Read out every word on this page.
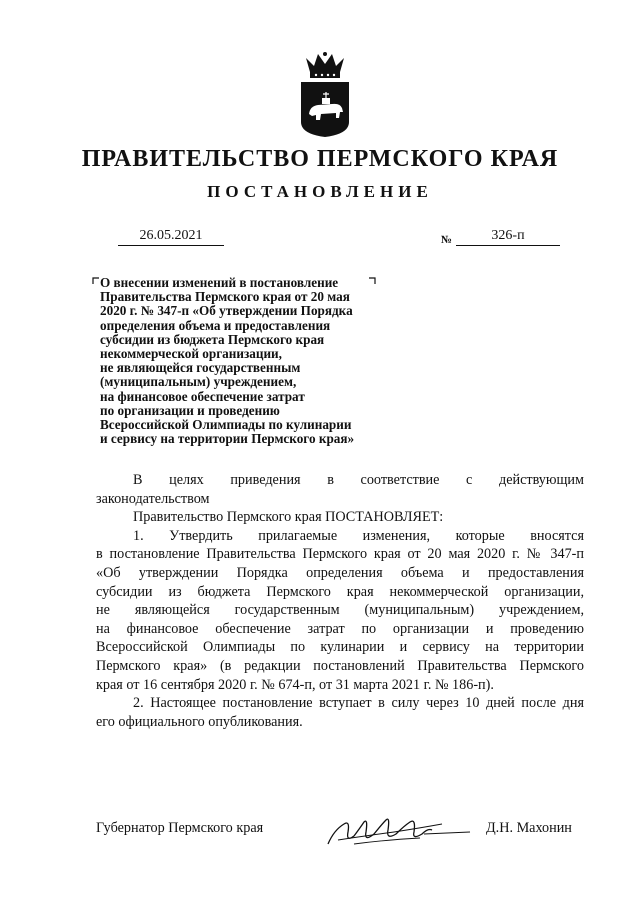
ПРАВИТЕЛЬСТВО ПЕРМСКОГО КРАЯ
ПОСТАНОВЛЕНИЕ
26.05.2021	№	326-п
О внесении изменений в постановление
Правительства Пермского края от 20 мая
2020 г. № 347-п «Об утверждении Порядка
определения объема и предоставления
субсидии из бюджета Пермского края
некоммерческой организации,
не являющейся государственным
(муниципальным) учреждением,
на финансовое обеспечение затрат
по организации и проведению
Всероссийской Олимпиады по кулинарии
и сервису на территории Пермского края»

В целях приведения в соответствие с действующим

законодательством

Правительство Пермского края ПОСТАНОВЛЯЕТ:

1. Утвердить прилагаемые изменения, которые вносятся

в постановление Правительства Пермского края от 20 мая 2020 г. № 347-п

«Об утверждении Порядка определения объема и предоставления

субсидии из бюджета Пермского края некоммерческой организации,

не являющейся государственным (муниципальным) учреждением,

на финансовое обеспечение затрат по организации и проведению

Всероссийской Олимпиады по кулинарии и сервису на территории

Пермского края» (в редакции постановлений Правительства Пермского

края от 16 сентября 2020 г. № 674-п, от 31 марта 2021 г. № 186-п).

2. Настоящее постановление вступает в силу через 10 дней после дня

его официального опубликования.

Губернатор Пермского края	Д.Н. Махонин
